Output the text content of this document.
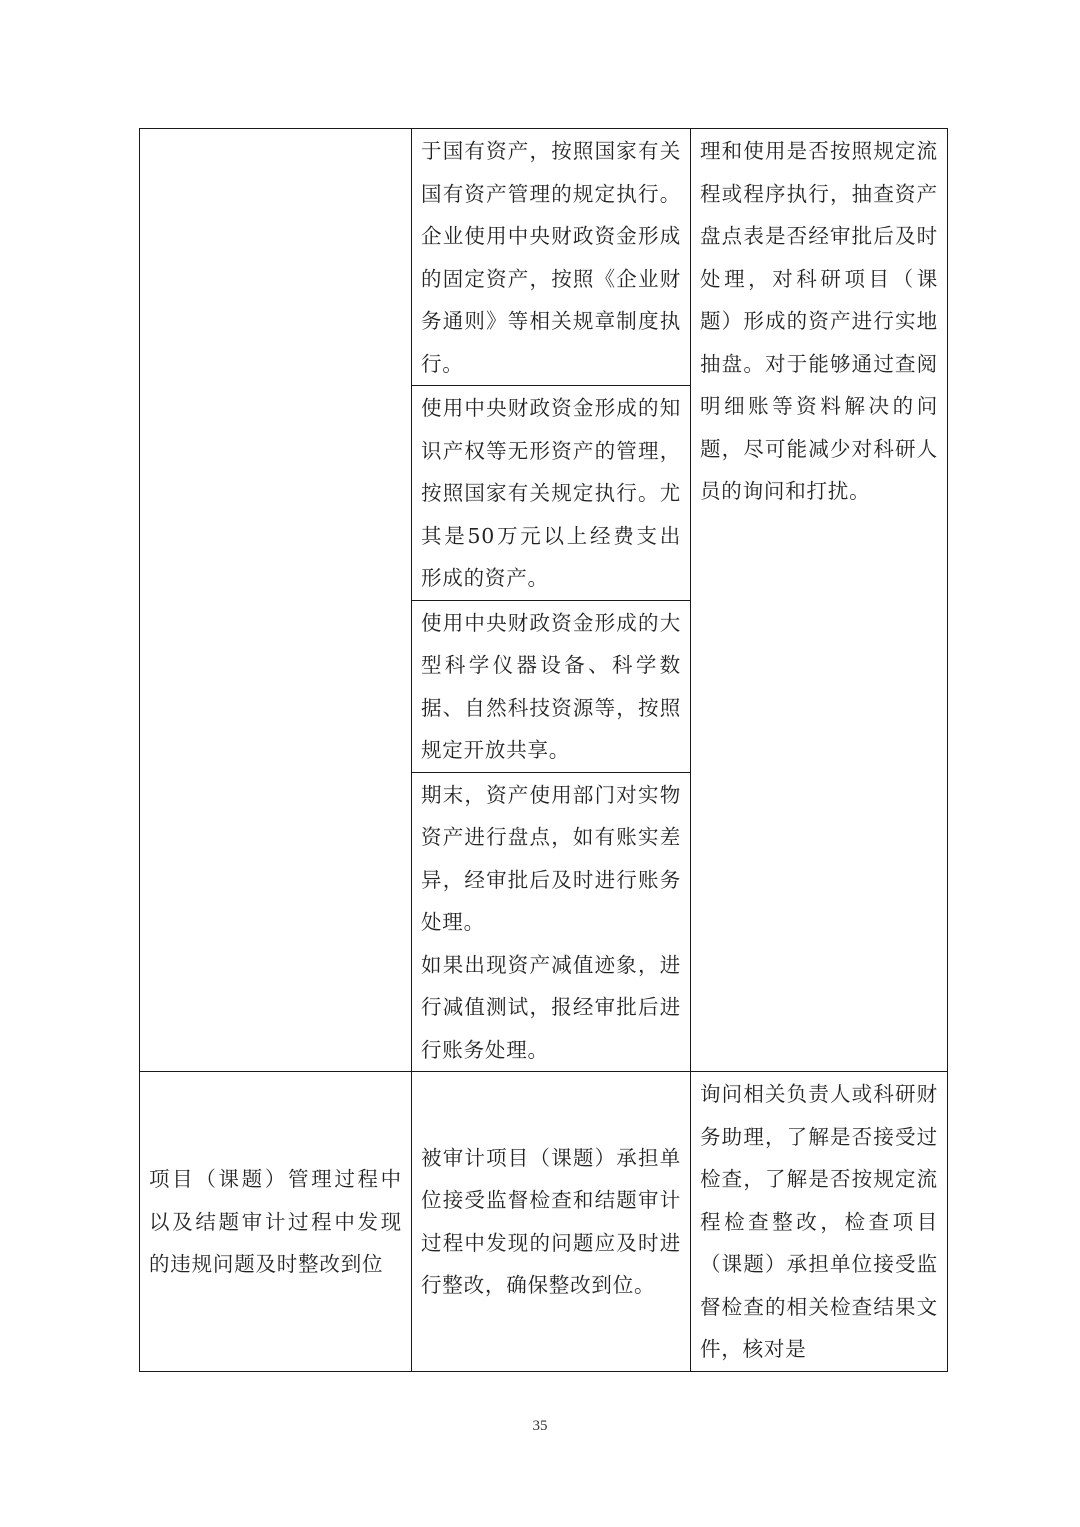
	于国有资产，按照国家有关国有资产管理的规定执行。企业使用中央财政资金形成的固定资产，按照《企业财务通则》等相关规章制度执行。	理和使用是否按照规定流程或程序执行，抽查资产盘点表是否经审批后及时处理，对科研项目（课题）形成的资产进行实地抽盘。对于能够通过查阅明细账等资料解决的问题，尽可能减少对科研人员的询问和打扰。

	使用中央财政资金形成的知识产权等无形资产的管理，按照国家有关规定执行。尤其是50万元以上经费支出形成的资产。	

	使用中央财政资金形成的大型科学仪器设备、科学数据、自然科技资源等，按照规定开放共享。	

	期末，资产使用部门对实物资产进行盘点，如有账实差异，经审批后及时进行账务处理。
如果出现资产减值迹象，进行减值测试，报经审批后进行账务处理。	

项目（课题）管理过程中以及结题审计过程中发现的违规问题及时整改到位	被审计项目（课题）承担单位接受监督检查和结题审计过程中发现的问题应及时进行整改，确保整改到位。	询问相关负责人或科研财务助理，了解是否接受过检查，了解是否按规定流程检查整改，检查项目（课题）承担单位接受监督检查的相关检查结果文件，核对是
35
